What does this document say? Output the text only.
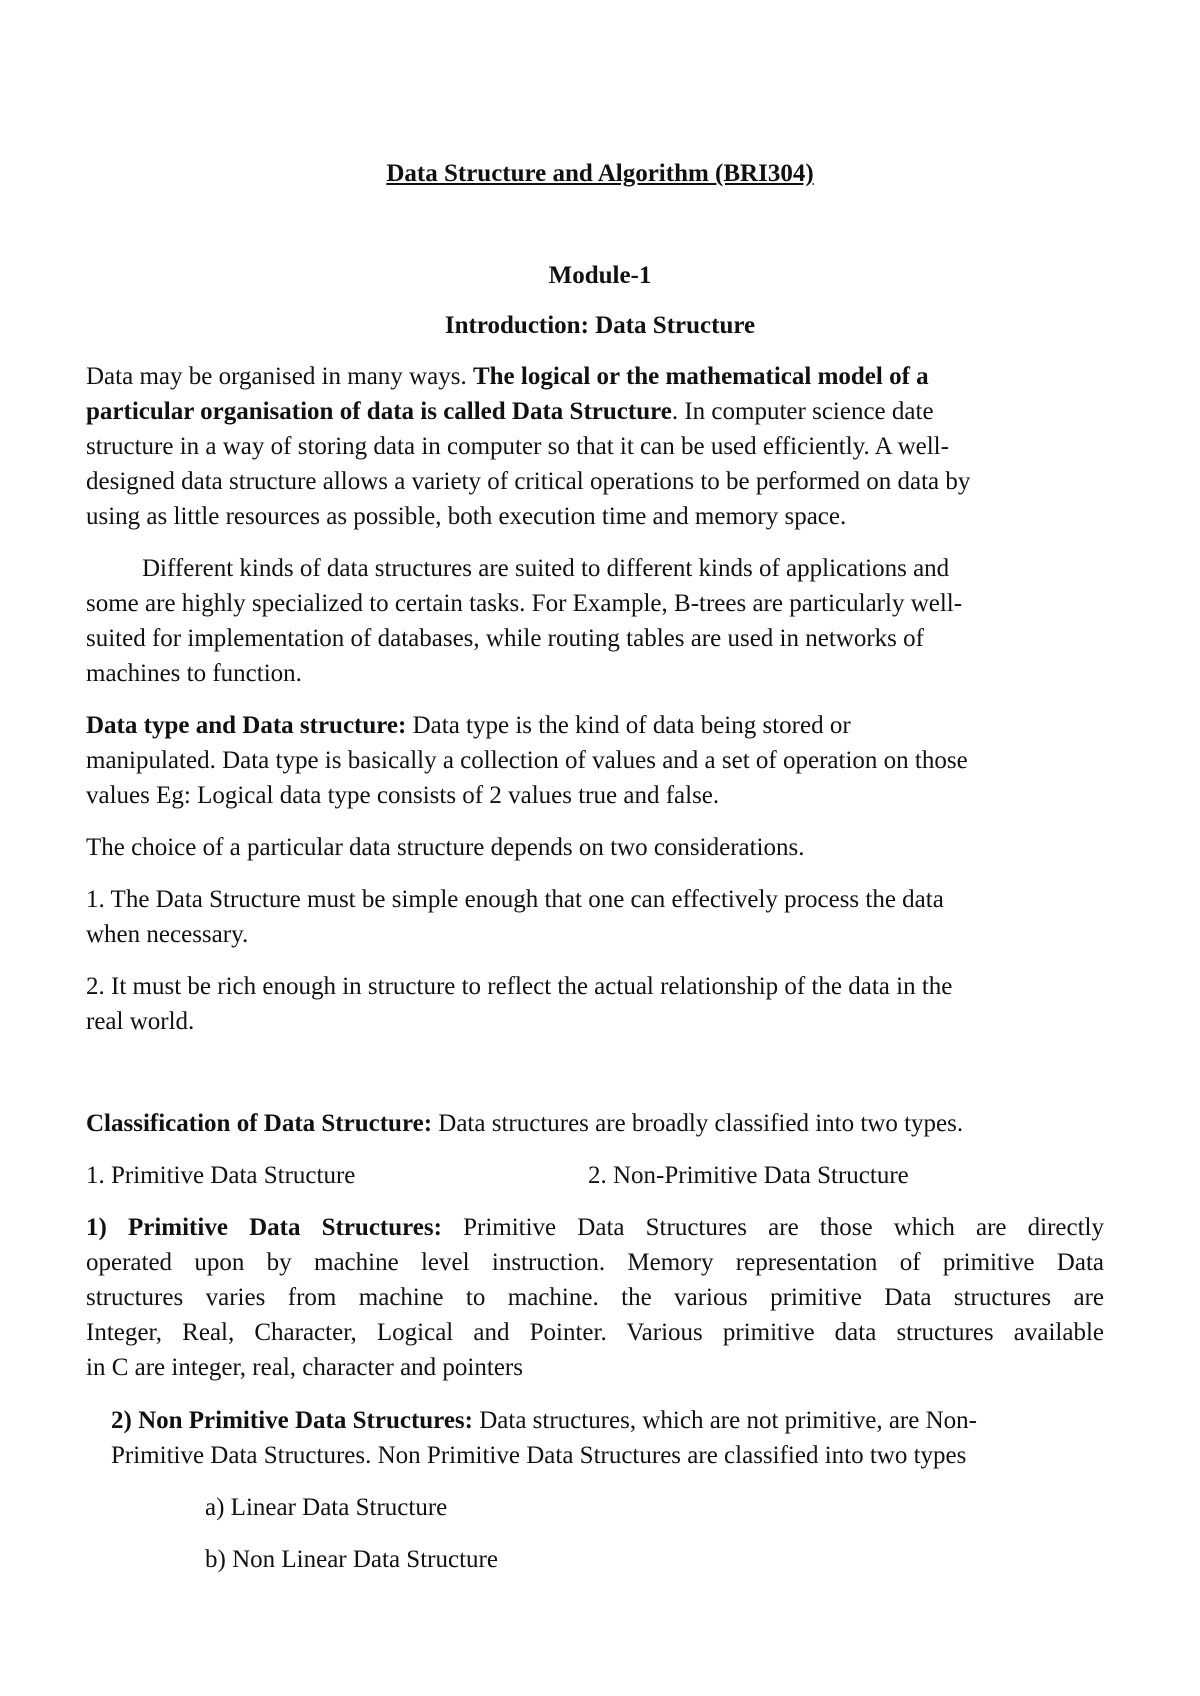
Data Structure and Algorithm (BRI304)
Module-1
Introduction: Data Structure
Data may be organised in many ways. The logical or the mathematical model of a
particular organisation of data is called Data Structure. In computer science date
structure in a way of storing data in computer so that it can be used efficiently. A well-
designed data structure allows a variety of critical operations to be performed on data by
using as little resources as possible, both execution time and memory space.
Different kinds of data structures are suited to different kinds of applications and
some are highly specialized to certain tasks. For Example, B-trees are particularly well-
suited for implementation of databases, while routing tables are used in networks of
machines to function.
Data type and Data structure: Data type is the kind of data being stored or
manipulated. Data type is basically a collection of values and a set of operation on those
values Eg: Logical data type consists of 2 values true and false.
The choice of a particular data structure depends on two considerations.
1. The Data Structure must be simple enough that one can effectively process the data
when necessary.
2. It must be rich enough in structure to reflect the actual relationship of the data in the
real world.
Classification of Data Structure: Data structures are broadly classified into two types.
1. Primitive Data Structure	2. Non-Primitive Data Structure
1) Primitive Data Structures: Primitive Data Structures are those which are directly
operated upon by machine level instruction. Memory representation of primitive Data
structures varies from machine to machine. the various primitive Data structures are
Integer, Real, Character, Logical and Pointer. Various primitive data structures available
in C are integer, real, character and pointers
2) Non Primitive Data Structures: Data structures, which are not primitive, are Non-
Primitive Data Structures. Non Primitive Data Structures are classified into two types
a) Linear Data Structure
b) Non Linear Data Structure
